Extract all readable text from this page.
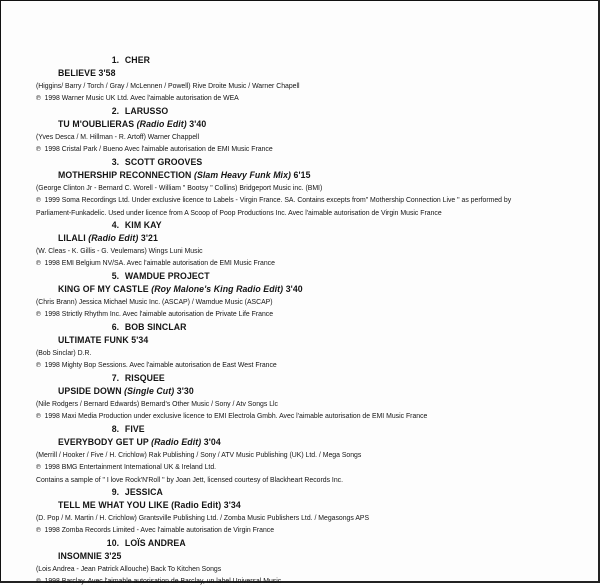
1. CHER
BELIEVE 3'58
(Higgins/ Barry / Torch / Gray / McLennen / Powell) Rive Droite Music / Warner Chapell
℗ 1998 Warner Music UK Ltd. Avec l'aimable autorisation de WEA
2. LARUSSO
TU M'OUBLIERAS (Radio Edit) 3'40
(Yves Desca / M. Hillman - R. Artoff) Warner Chappell
℗ 1998 Cristal Park / Bueno Avec l'aimable autorisation de EMI Music France
3. SCOTT GROOVES
MOTHERSHIP RECONNECTION (Slam Heavy Funk Mix) 6'15
(George Clinton Jr - Bernard C. Worell - William " Bootsy " Collins) Bridgeport Music inc. (BMI)
℗ 1999 Soma Recordings Ltd. Under exclusive licence to Labels - Virgin France. SA. Contains excepts from" Mothership Connection Live " as performed by
Parliament-Funkadelic. Used under licence from A Scoop of Poop Productions Inc. Avec l'aimable autorisation de Virgin Music France
4. KIM KAY
LILALI (Radio Edit) 3'21
(W. Cleas - K. Gillis - G. Veulemans) Wings Luni Music
℗ 1998 EMI Belgium NV/SA. Avec l'aimable autorisation de EMI Music France
5. WAMDUE PROJECT
KING OF MY CASTLE (Roy Malone's King Radio Edit) 3'40
(Chris Brann) Jessica Michael Music Inc. (ASCAP) / Wamdue Music (ASCAP)
℗ 1998 Strictly Rhythm Inc. Avec l'aimable autorisation de Private Life France
6. BOB SINCLAR
ULTIMATE FUNK 5'34
(Bob Sinclar) D.R.
℗ 1998 Mighty Bop Sessions. Avec l'aimable autorisation de East West France
7. RISQUEE
UPSIDE DOWN (Single Cut) 3'30
(Nile Rodgers / Bernard Edwards) Bernard's Other Music / Sony / Atv Songs Llc
℗ 1998 Maxi Media Production under exclusive licence to EMI Electrola Gmbh. Avec l'aimable autorisation de EMI Music France
8. FIVE
EVERYBODY GET UP (Radio Edit) 3'04
(Merrill / Hooker / Five / H. Crichlow) Rak Publishing / Sony / ATV Music Publishing (UK) Ltd. / Mega Songs
℗ 1998 BMG Entertainment International UK & Ireland Ltd.
Contains a sample of " I love Rock'N'Roll " by Joan Jett, licensed courtesy of Blackheart Records Inc.
9. JESSICA
TELL ME WHAT YOU LIKE (Radio Edit) 3'34
(D. Pop / M. Martin / H. Crichlow) Grantsville Publishing Ltd. / Zomba Music Publishers Ltd. / Megasongs APS
℗ 1998 Zomba Records Limited - Avec l'aimable autorisation de Virgin France
10. LOÏS ANDREA
INSOMNIE 3'25
(Lois Andrea - Jean Patrick Allouche) Back To Kitchen Songs
℗ 1998 Barclay. Avec l'aimable autorisation de Barclay, un label Universal Music
